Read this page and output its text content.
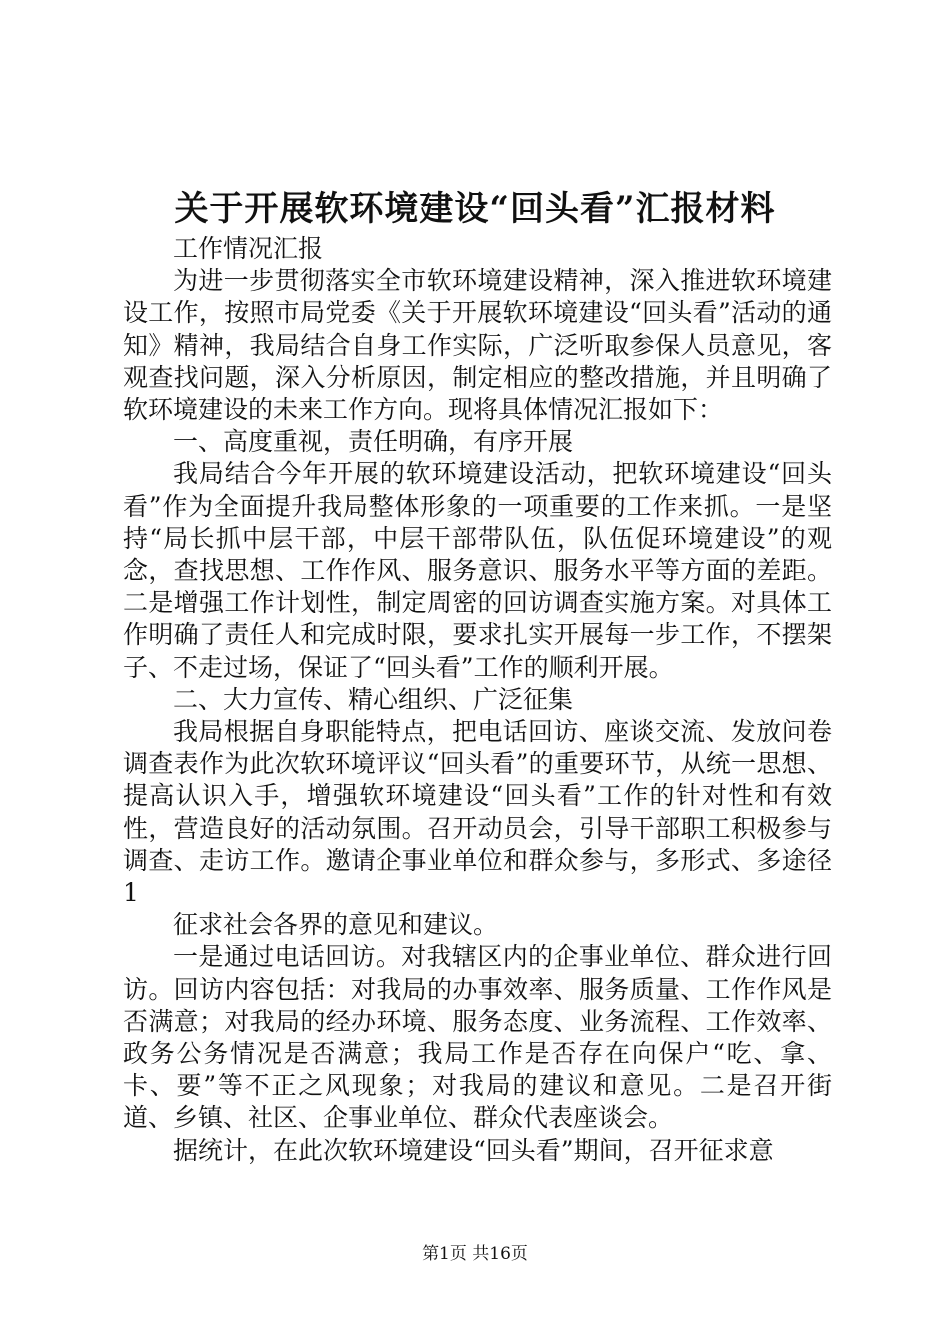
关于开展软环境建设“回头看”汇报材料

工作情况汇报

为进一步贯彻落实全市软环境建设精神，深入推进软环境建设工作，按照市局党委《关于开展软环境建设“回头看”活动的通知》精神，我局结合自身工作实际，广泛听取参保人员意见，客观查找问题，深入分析原因，制定相应的整改措施，并且明确了软环境建设的未来工作方向。现将具体情况汇报如下：

一、高度重视，责任明确，有序开展

我局结合今年开展的软环境建设活动，把软环境建设“回头看”作为全面提升我局整体形象的一项重要的工作来抓。一是坚持“局长抓中层干部，中层干部带队伍，队伍促环境建设”的观念，查找思想、工作作风、服务意识、服务水平等方面的差距。二是增强工作计划性，制定周密的回访调查实施方案。对具体工作明确了责任人和完成时限，要求扎实开展每一步工作，不摆架子、不走过场，保证了“回头看”工作的顺利开展。

二、大力宣传、精心组织、广泛征集

我局根据自身职能特点，把电话回访、座谈交流、发放问卷调查表作为此次软环境评议“回头看”的重要环节，从统一思想、提高认识入手，增强软环境建设“回头看”工作的针对性和有效性，营造良好的活动氛围。召开动员会，引导干部职工积极参与调查、走访工作。邀请企事业单位和群众参与，多形式、多途径1

征求社会各界的意见和建议。

一是通过电话回访。对我辖区内的企事业单位、群众进行回访。回访内容包括：对我局的办事效率、服务质量、工作作风是否满意；对我局的经办环境、服务态度、业务流程、工作效率、政务公务情况是否满意；我局工作是否存在向保户“吃、拿、卡、要”等不正之风现象；对我局的建议和意见。二是召开街道、乡镇、社区、企事业单位、群众代表座谈会。

据统计，在此次软环境建设“回头看”期间，召开征求意

第1页 共16页
